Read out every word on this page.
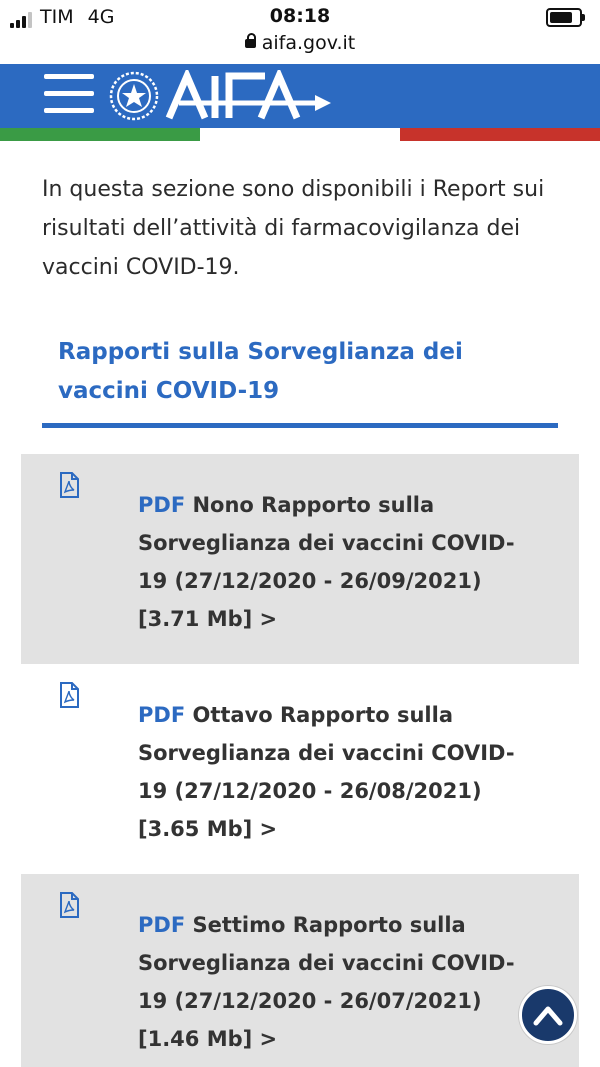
TIM 4G	08:18
aifa.gov.it

In questa sezione sono disponibili i Report sui risultati dell’attività di farmacovigilanza dei vaccini COVID-19.

Rapporti sulla Sorveglianza dei vaccini COVID-19

PDF Nono Rapporto sulla Sorveglianza dei vaccini COVID-19 (27/12/2020 - 26/09/2021) [3.71 Mb] >

PDF Ottavo Rapporto sulla Sorveglianza dei vaccini COVID-19 (27/12/2020 - 26/08/2021) [3.65 Mb] >

PDF Settimo Rapporto sulla Sorveglianza dei vaccini COVID-19 (27/12/2020 - 26/07/2021) [1.46 Mb] >
